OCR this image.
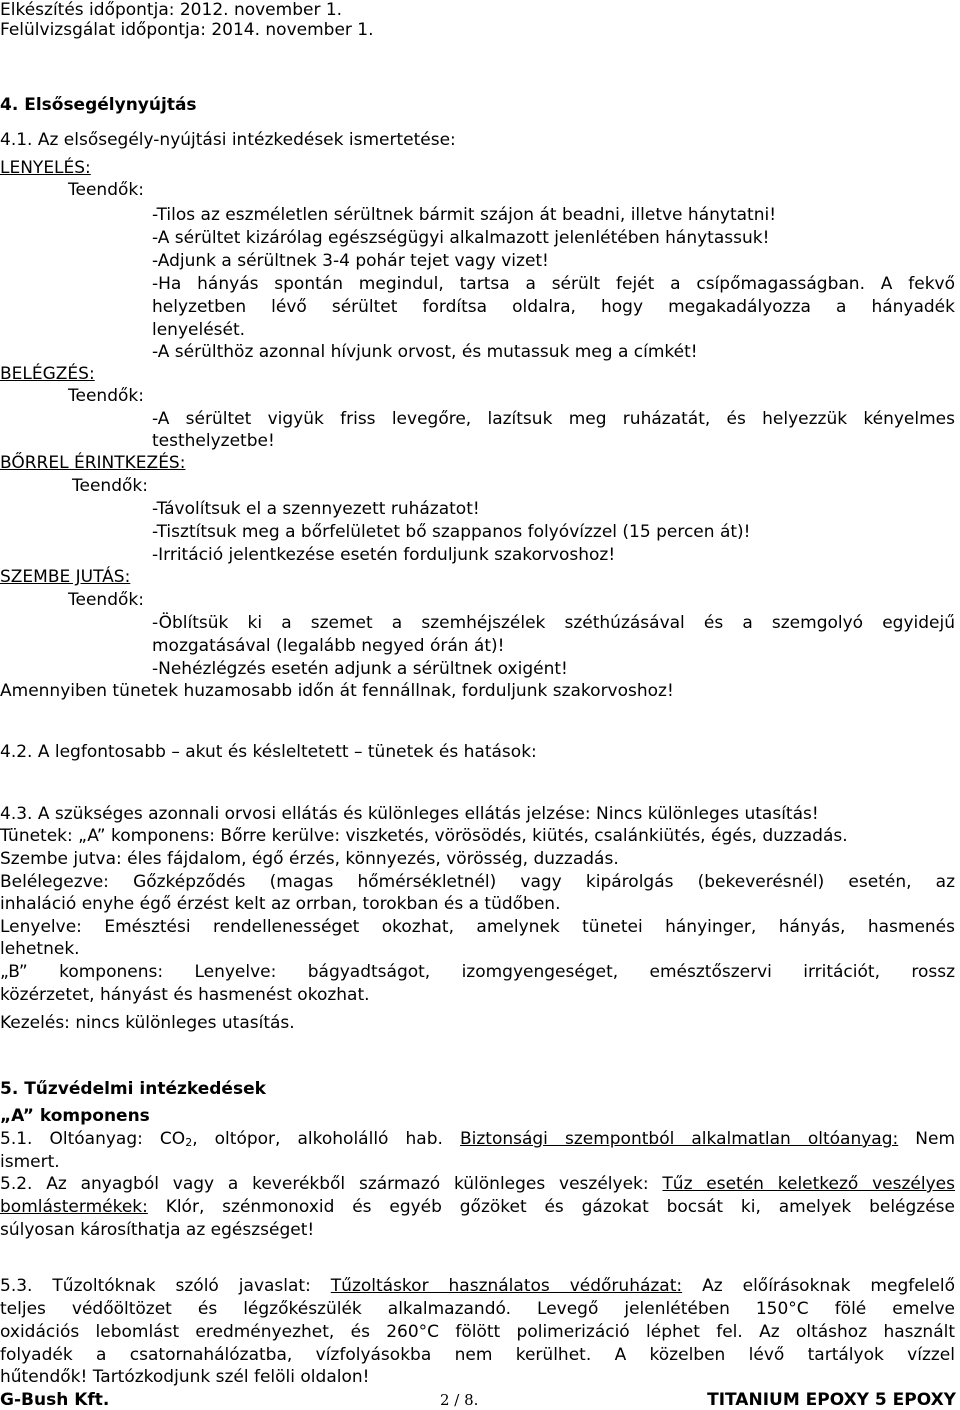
Elkészítés időpontja: 2012. november 1.
Felülvizsgálat időpontja: 2014. november 1.
4. Elsősegélynyújtás
4.1. Az elsősegély-nyújtási intézkedések ismertetése:
LENYELÉS:
Teendők:
-Tilos az eszméletlen sérültnek bármit szájon át beadni, illetve hánytatni!
-A sérültet kizárólag egészségügyi alkalmazott jelenlétében hánytassuk!
-Adjunk a sérültnek 3-4 pohár tejet vagy vizet!
-Ha hányás spontán megindul, tartsa a sérült fejét a csípőmagasságban. A fekvő
helyzetben lévő sérültet fordítsa oldalra, hogy megakadályozza a hányadék
lenyelését.
-A sérülthöz azonnal hívjunk orvost, és mutassuk meg a címkét!
BELÉGZÉS:
Teendők:
-A sérültet vigyük friss levegőre, lazítsuk meg ruházatát, és helyezzük kényelmes
testhelyzetbe!
BŐRREL ÉRINTKEZÉS:
Teendők:
-Távolítsuk el a szennyezett ruházatot!
-Tisztítsuk meg a bőrfelületet bő szappanos folyóvízzel (15 percen át)!
-Irritáció jelentkezése esetén forduljunk szakorvoshoz!
SZEMBE JUTÁS:
Teendők:
-Öblítsük ki a szemet a szemhéjszélek széthúzásával és a szemgolyó egyidejű
mozgatásával (legalább negyed órán át)!
-Nehézlégzés esetén adjunk a sérültnek oxigént!
Amennyiben tünetek huzamosabb időn át fennállnak, forduljunk szakorvoshoz!
4.2. A legfontosabb – akut és késleltetett – tünetek és hatások:
4.3. A szükséges azonnali orvosi ellátás és különleges ellátás jelzése: Nincs különleges utasítás!
Tünetek: „A” komponens: Bőrre kerülve: viszketés, vörösödés, kiütés, csalánkiütés, égés, duzzadás.
Szembe jutva: éles fájdalom, égő érzés, könnyezés, vörösség, duzzadás.
Belélegezve: Gőzképződés (magas hőmérsékletnél) vagy kipárolgás (bekeverésnél) esetén, az
inhaláció enyhe égő érzést kelt az orrban, torokban és a tüdőben.
Lenyelve: Emésztési rendellenességet okozhat, amelynek tünetei hányinger, hányás, hasmenés
lehetnek.
„B” komponens: Lenyelve: bágyadtságot, izomgyengeséget, emésztőszervi irritációt, rossz
közérzetet, hányást és hasmenést okozhat.
Kezelés: nincs különleges utasítás.
5. Tűzvédelmi intézkedések
„A” komponens
5.1. Oltóanyag: $CO_2$, oltópor, alkoholálló hab. Biztonsági szempontból alkalmatlan oltóanyag: Nem
ismert.
5.2. Az anyagból vagy a keverékből származó különleges veszélyek: Tűz esetén keletkező veszélyes
bomlástermékek: Klór, szénmonoxid és egyéb gőzöket és gázokat bocsát ki, amelyek belégzése
súlyosan károsíthatja az egészséget!
5.3. Tűzoltóknak szóló javaslat: Tűzoltáskor használatos védőruházat: Az előírásoknak megfelelő
teljes védőöltözet és légzőkészülék alkalmazandó. Levegő jelenlétében 150°C fölé emelve
oxidációs lebomlást eredményezhet, és 260°C fölött polimerizáció léphet fel. Az oltáshoz használt
folyadék a csatornahálózatba, vízfolyásokba nem kerülhet. A közelben lévő tartályok vízzel
hűtendők! Tartózkodjunk szél felöli oldalon!
G-Bush Kft.	2 / 8.	TITANIUM EPOXY 5 EPOXY
